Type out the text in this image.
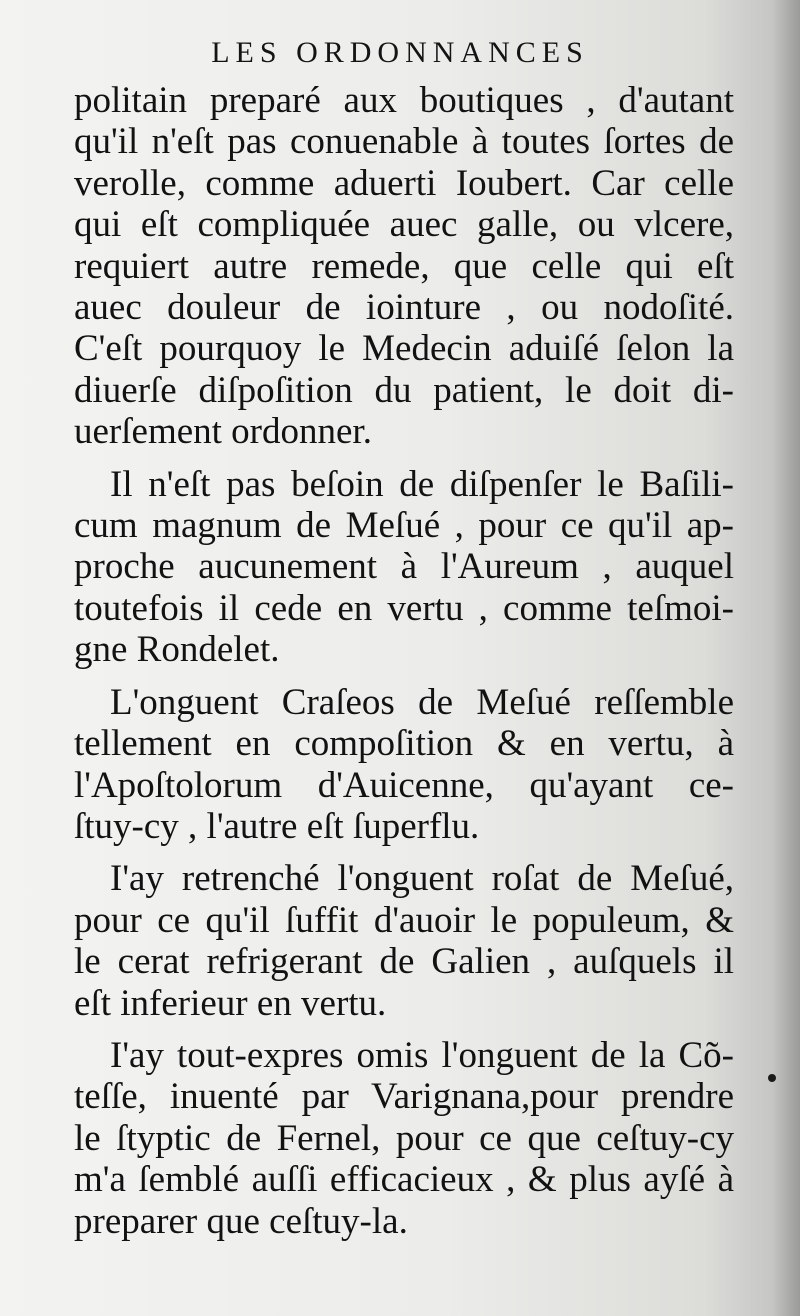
LES ORDONNANCES
politain preparé aux boutiques , d'autant
qu'il n'eſt pas conuenable à toutes ſortes de
verolle, comme aduerti Ioubert. Car celle
qui eſt compliquée auec galle, ou vlcere,
requiert autre remede, que celle qui eſt
auec douleur de iointure , ou nodoſité.
C'eſt pourquoy le Medecin aduiſé ſelon la
diuerſe diſpoſition du patient, le doit di-
uerſement ordonner.
Il n'eſt pas beſoin de diſpenſer le Baſili-
cum magnum de Meſué , pour ce qu'il ap-
proche aucunement à l'Aureum , auquel
toutefois il cede en vertu , comme teſmoi-
gne Rondelet.
L'onguent Craſeos de Meſué reſſemble
tellement en compoſition & en vertu, à
l'Apoſtolorum d'Auicenne, qu'ayant ce-
ſtuy-cy , l'autre eſt ſuperflu.
I'ay retrenché l'onguent roſat de Meſué,
pour ce qu'il ſuffit d'auoir le populeum, &
le cerat refrigerant de Galien , auſquels il
eſt inferieur en vertu.
I'ay tout-expres omis l'onguent de la Cõ-
teſſe, inuenté par Varignana,pour prendre
le ſtyptic de Fernel, pour ce que ceſtuy-cy
m'a ſemblé auſſi efficacieux , & plus ayſé à
preparer que ceſtuy-la.
